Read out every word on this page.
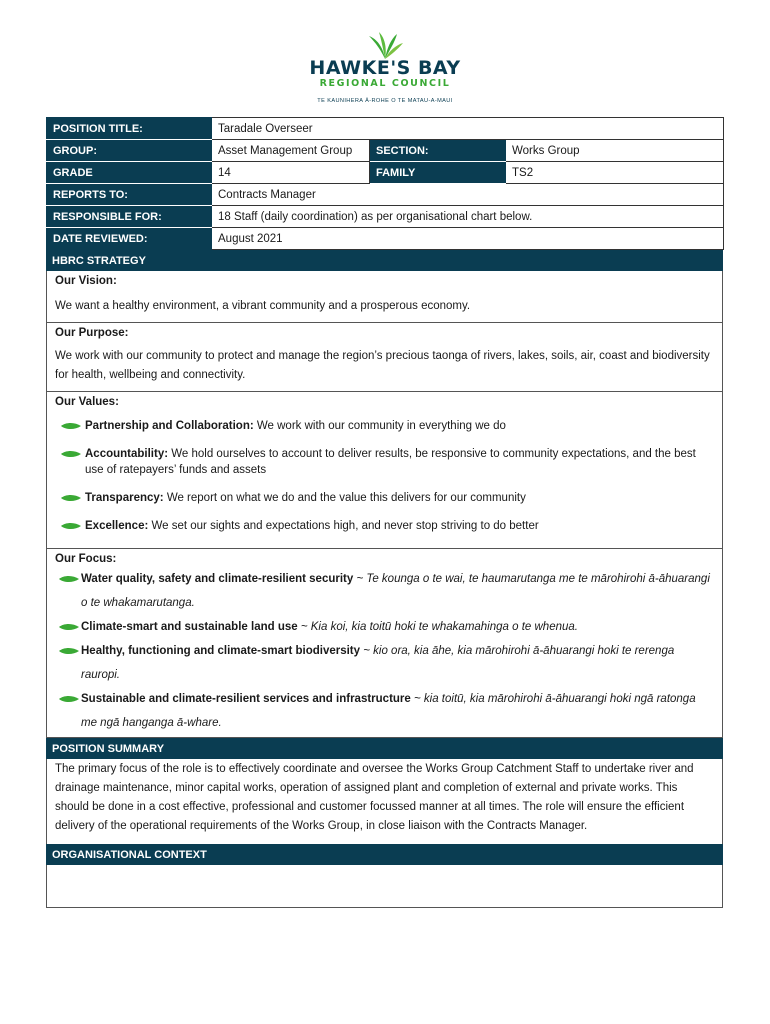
HAWKE'S BAY
REGIONAL COUNCIL
TE KAUNIHERA Ā-ROHE O TE MATAU-A-MAUI
POSITION TITLE:	Taradale Overseer		
GROUP:	Asset Management Group	SECTION:	Works Group
GRADE	14	FAMILY	TS2
REPORTS TO:	Contracts Manager		
RESPONSIBLE FOR:	18 Staff (daily coordination) as per organisational chart below.		
DATE REVIEWED:	August 2021		
HBRC STRATEGY
Our Vision:
We want a healthy environment, a vibrant community and a prosperous economy.
Our Purpose:
We work with our community to protect and manage the region’s precious taonga of rivers, lakes, soils, air, coast and biodiversity for health, wellbeing and connectivity.
Our Values:
Partnership and Collaboration: We work with our community in everything we do
Accountability: We hold ourselves to account to deliver results, be responsive to community expectations, and the best use of ratepayers’ funds and assets
Transparency: We report on what we do and the value this delivers for our community
Excellence: We set our sights and expectations high, and never stop striving to do better
Our Focus:
Water quality, safety and climate-resilient security ~ Te kounga o te wai, te haumarutanga me te mārohirohi ā-āhuarangi o te whakamarutanga.
Climate-smart and sustainable land use ~ Kia koi, kia toitū hoki te whakamahinga o te whenua.
Healthy, functioning and climate-smart biodiversity ~ kio ora, kia āhe, kia mārohirohi ā-āhuarangi hoki te rerenga rauropi.
Sustainable and climate-resilient services and infrastructure ~ kia toitū, kia mārohirohi ā-āhuarangi hoki ngā ratonga me ngā hanganga ā-whare.
POSITION SUMMARY
The primary focus of the role is to effectively coordinate and oversee the Works Group Catchment Staff to undertake river and drainage maintenance, minor capital works, operation of assigned plant and completion of external and private works. This should be done in a cost effective, professional and customer focussed manner at all times. The role will ensure the efficient delivery of the operational requirements of the Works Group, in close liaison with the Contracts Manager.
ORGANISATIONAL CONTEXT
